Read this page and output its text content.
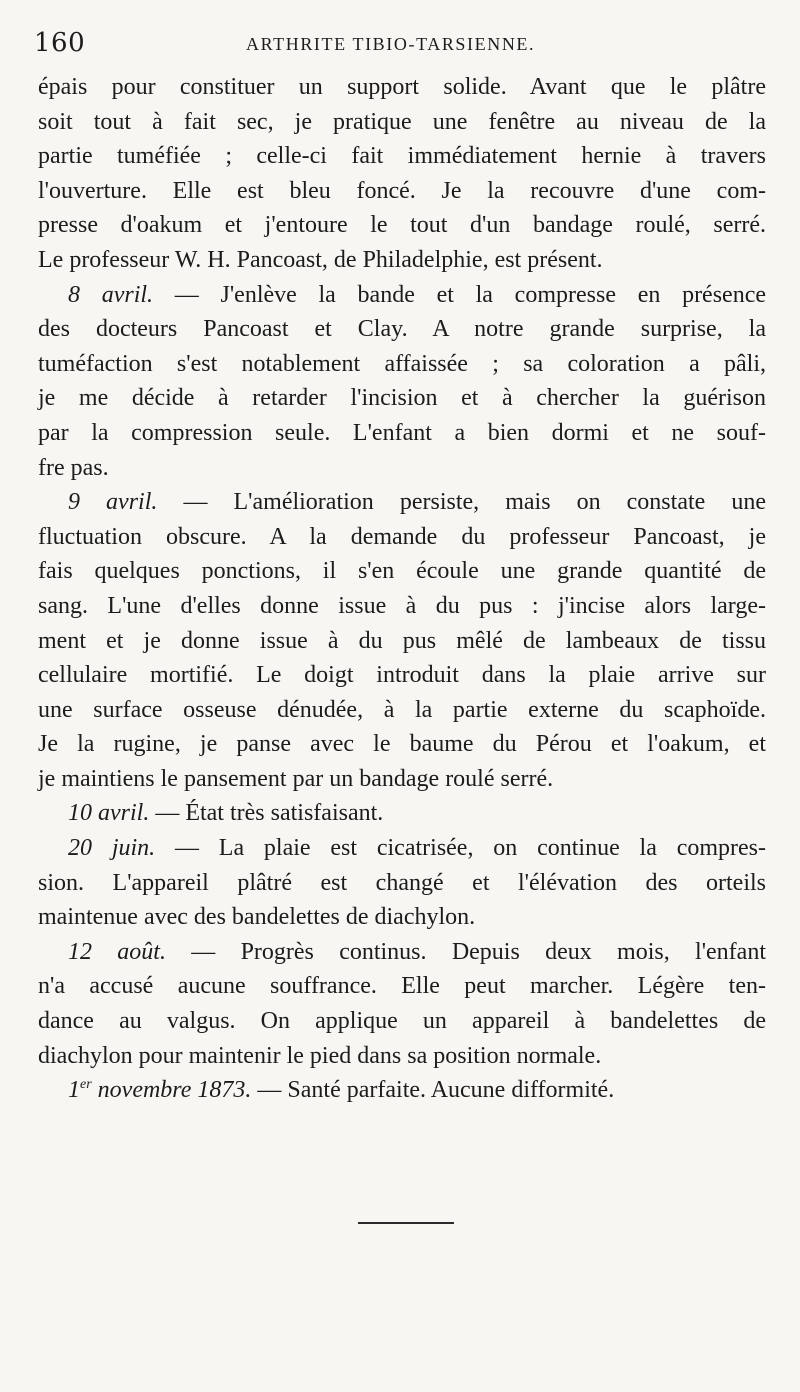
160	ARTHRITE TIBIO-TARSIENNE.
épais pour constituer un support solide. Avant que le plâtre
soit tout à fait sec, je pratique une fenêtre au niveau de la
partie tuméfiée ; celle-ci fait immédiatement hernie à travers
l'ouverture. Elle est bleu foncé. Je la recouvre d'une com-
presse d'oakum et j'entoure le tout d'un bandage roulé, serré.
Le professeur W. H. Pancoast, de Philadelphie, est présent.
8 avril. — J'enlève la bande et la compresse en présence
des docteurs Pancoast et Clay. A notre grande surprise, la
tuméfaction s'est notablement affaissée ; sa coloration a pâli,
je me décide à retarder l'incision et à chercher la guérison
par la compression seule. L'enfant a bien dormi et ne souf-
fre pas.
9 avril. — L'amélioration persiste, mais on constate une
fluctuation obscure. A la demande du professeur Pancoast, je
fais quelques ponctions, il s'en écoule une grande quantité de
sang. L'une d'elles donne issue à du pus : j'incise alors large-
ment et je donne issue à du pus mêlé de lambeaux de tissu
cellulaire mortifié. Le doigt introduit dans la plaie arrive sur
une surface osseuse dénudée, à la partie externe du scaphoïde.
Je la rugine, je panse avec le baume du Pérou et l'oakum, et
je maintiens le pansement par un bandage roulé serré.
10 avril. — État très satisfaisant.
20 juin. — La plaie est cicatrisée, on continue la compres-
sion. L'appareil plâtré est changé et l'élévation des orteils
maintenue avec des bandelettes de diachylon.
12 août. — Progrès continus. Depuis deux mois, l'enfant
n'a accusé aucune souffrance. Elle peut marcher. Légère ten-
dance au valgus. On applique un appareil à bandelettes de
diachylon pour maintenir le pied dans sa position normale.
1er novembre 1873. — Santé parfaite. Aucune difformité.
